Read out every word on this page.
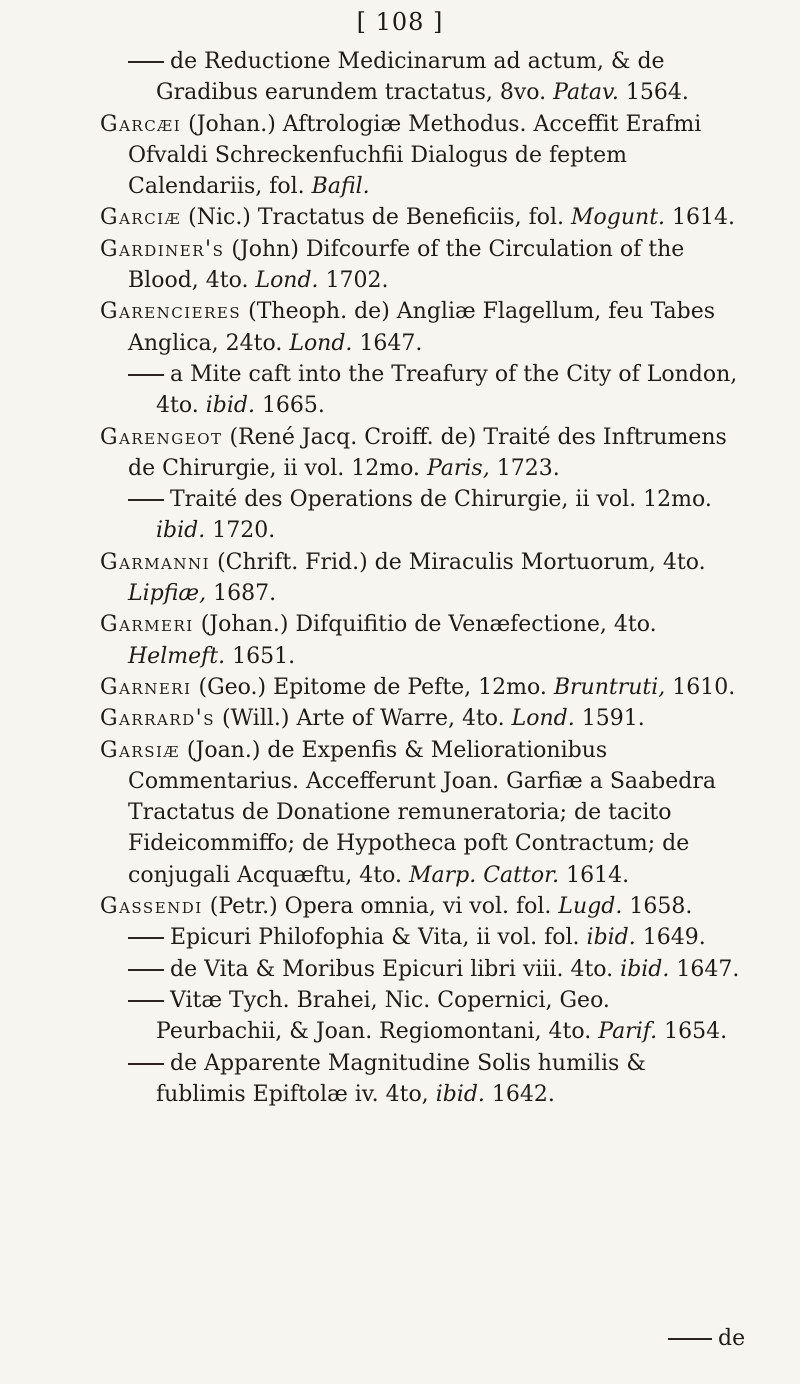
[ 108 ]

de Reductione Medicinarum ad actum, & de Gradibus earundem tractatus, 8vo. Patav. 1564.

Garcæi (Johan.) Aftrologiæ Methodus. Acceffit Erafmi Ofvaldi Schreckenfuchfii Dialogus de feptem Calendariis, fol. Bafil.

Garciæ (Nic.) Tractatus de Beneficiis, fol. Mogunt. 1614.

Gardiner's (John) Difcourfe of the Circulation of the Blood, 4to. Lond. 1702.

Garencieres (Theoph. de) Angliæ Flagellum, feu Tabes Anglica, 24to. Lond. 1647.

a Mite caft into the Treafury of the City of London, 4to. ibid. 1665.

Garengeot (René Jacq. Croiff. de) Traité des Inftrumens de Chirurgie, ii vol. 12mo. Paris, 1723.

Traité des Operations de Chirurgie, ii vol. 12mo. ibid. 1720.

Garmanni (Chrift. Frid.) de Miraculis Mortuorum, 4to. Lipfiæ, 1687.

Garmeri (Johan.) Difquifitio de Venæfectione, 4to. Helmeft. 1651.

Garneri (Geo.) Epitome de Pefte, 12mo. Bruntruti, 1610.

Garrard's (Will.) Arte of Warre, 4to. Lond. 1591.

Garsiæ (Joan.) de Expenfis & Meliorationibus Commentarius. Accefferunt Joan. Garfiæ a Saabedra Tractatus de Donatione remuneratoria; de tacito Fideicommiffo; de Hypotheca poft Contractum; de conjugali Acquæftu, 4to. Marp. Cattor. 1614.

Gassendi (Petr.) Opera omnia, vi vol. fol. Lugd. 1658.

Epicuri Philofophia & Vita, ii vol. fol. ibid. 1649.

de Vita & Moribus Epicuri libri viii. 4to. ibid. 1647.

Vitæ Tych. Brahei, Nic. Copernici, Geo. Peurbachii, & Joan. Regiomontani, 4to. Parif. 1654.

de Apparente Magnitudine Solis humilis & fublimis Epiftolæ iv. 4to, ibid. 1642.

de
